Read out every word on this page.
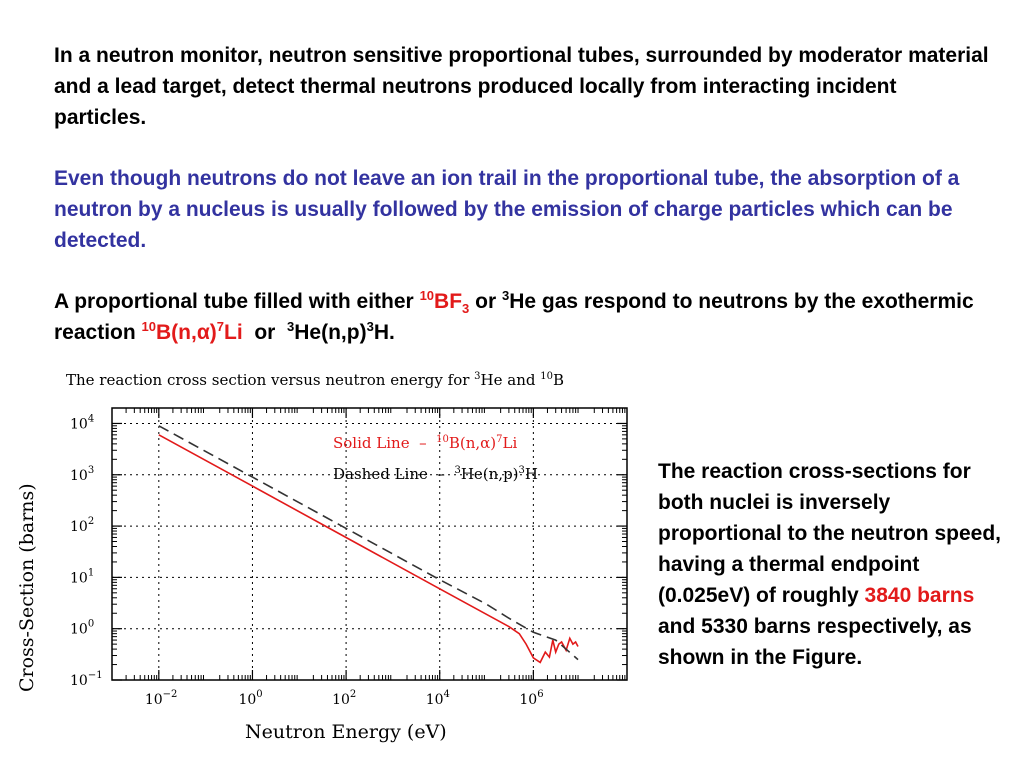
In a neutron monitor, neutron sensitive proportional tubes, surrounded by moderator material and a lead target, detect thermal neutrons produced locally from interacting incident particles.

Even though neutrons do not leave an ion trail in the proportional tube, the absorption of a neutron by a nucleus is usually followed by the emission of charge particles which can be detected.

A proportional tube filled with either $^{10}BF_3$ or $^3$He gas respond to neutrons by the exothermic reaction $^{10}B(n,\alpha)^7Li$  or  $^3He(n,p)^3H$.

The reaction cross section versus neutron energy for $^3$He and $^{10}$B
Cross-Section (barns)
Neutron Energy (eV)
$10^{-2}$	$10^0$	$10^2$	$10^4$	$10^6$
$10^{-1}$
$10^0$
$10^1$
$10^2$
$10^3$
$10^4$
Solid Line  –  $^{10}B(n,\alpha)^7Li$
Dashed Line  –  $^3He(n,p)^3H$	The reaction cross-sections for both nuclei is inversely proportional to the neutron speed, having a thermal endpoint (0.025eV) of roughly 3840 barns and 5330 barns respectively, as shown in the Figure.
